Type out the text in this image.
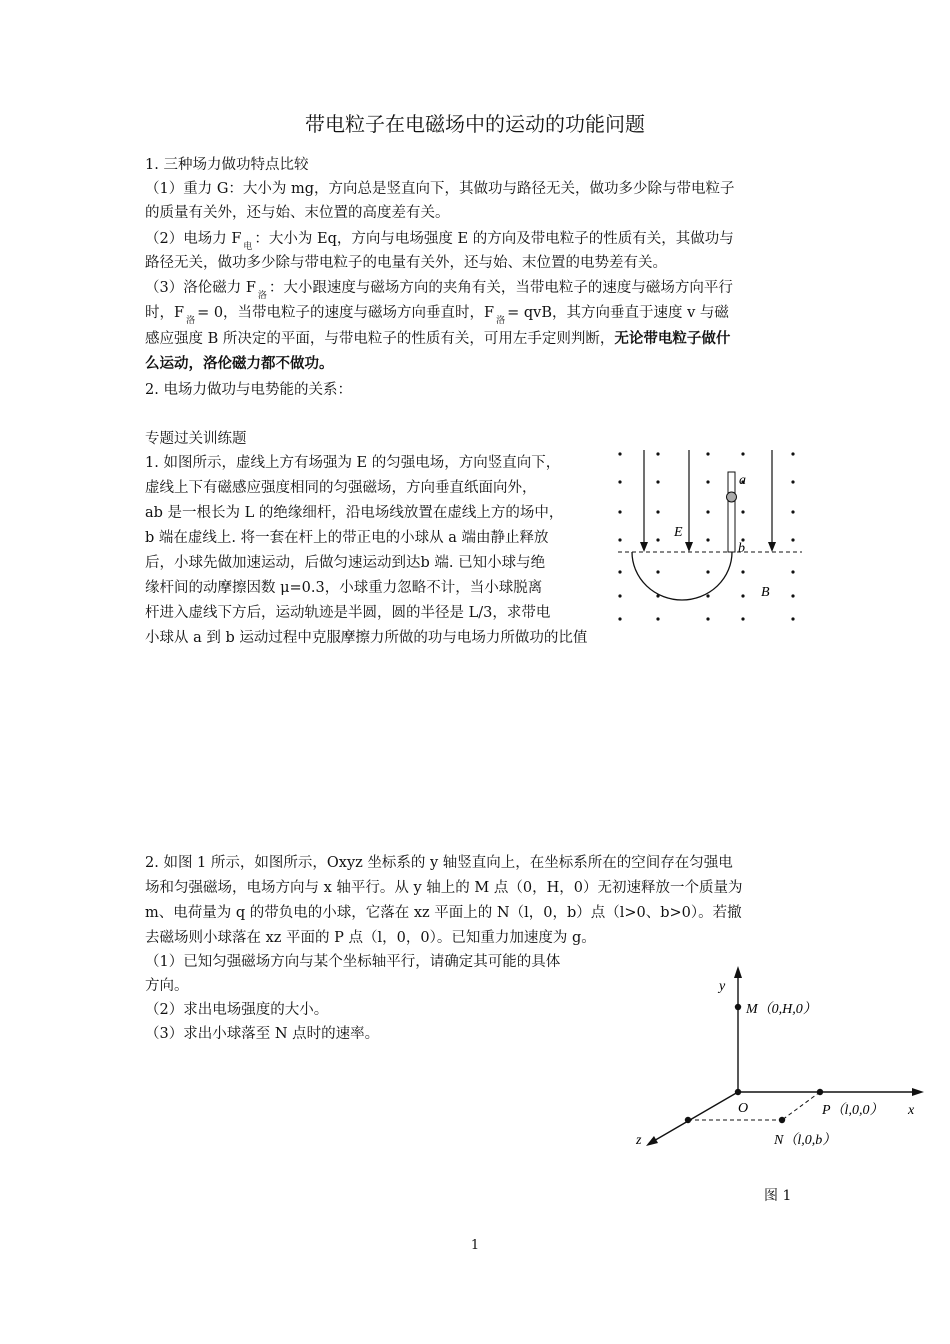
带电粒子在电磁场中的运动的功能问题
1. 三种场力做功特点比较
（1）重力 G：大小为 mg，方向总是竖直向下，其做功与路径无关，做功多少除与带电粒子
的质量有关外，还与始、末位置的高度差有关。
（2）电场力 F $_电$ ：大小为 Eq，方向与电场强度 E 的方向及带电粒子的性质有关，其做功与
路径无关，做功多少除与带电粒子的电量有关外，还与始、末位置的电势差有关。
（3）洛伦磁力 F $_洛$ ：大小跟速度与磁场方向的夹角有关，当带电粒子的速度与磁场方向平行
时，F $_洛$ = 0，当带电粒子的速度与磁场方向垂直时，F $_洛$ = qvB，其方向垂直于速度 v 与磁
感应强度 B 所决定的平面，与带电粒子的性质有关，可用左手定则判断，无论带电粒子做什
么运动，洛伦磁力都不做功。
2. 电场力做功与电势能的关系：
专题过关训练题
1. 如图所示，虚线上方有场强为 E 的匀强电场，方向竖直向下，
虚线上下有磁感应强度相同的匀强磁场，方向垂直纸面向外，
ab 是一根长为 L 的绝缘细杆，沿电场线放置在虚线上方的场中，
b 端在虚线上. 将一套在杆上的带正电的小球从 a 端由静止释放
后，小球先做加速运动，后做匀速运动到达b 端. 已知小球与绝
缘杆间的动摩擦因数 μ=0.3，小球重力忽略不计，当小球脱离
杆进入虚线下方后，运动轨迹是半圆，圆的半径是 L/3，求带电
小球从 a 到 b 运动过程中克服摩擦力所做的功与电场力所做功的比值
a
b
E
B
2. 如图 1 所示，如图所示，Oxyz 坐标系的 y 轴竖直向上，在坐标系所在的空间存在匀强电
场和匀强磁场，电场方向与 x 轴平行。从 y 轴上的 M 点（0，H，0）无初速释放一个质量为
m、电荷量为 q 的带负电的小球，它落在 xz 平面上的 N（l，0，b）点（l>0、b>0）。若撤
去磁场则小球落在 xz 平面的 P 点（l，0，0）。已知重力加速度为 g。
（1）已知匀强磁场方向与某个坐标轴平行，请确定其可能的具体
方向。
（2）求出电场强度的大小。
（3）求出小球落至 N 点时的速率。
y
x
z
O
M（0,H,0）
P（l,0,0）
N（l,0,b）
图 1
1
